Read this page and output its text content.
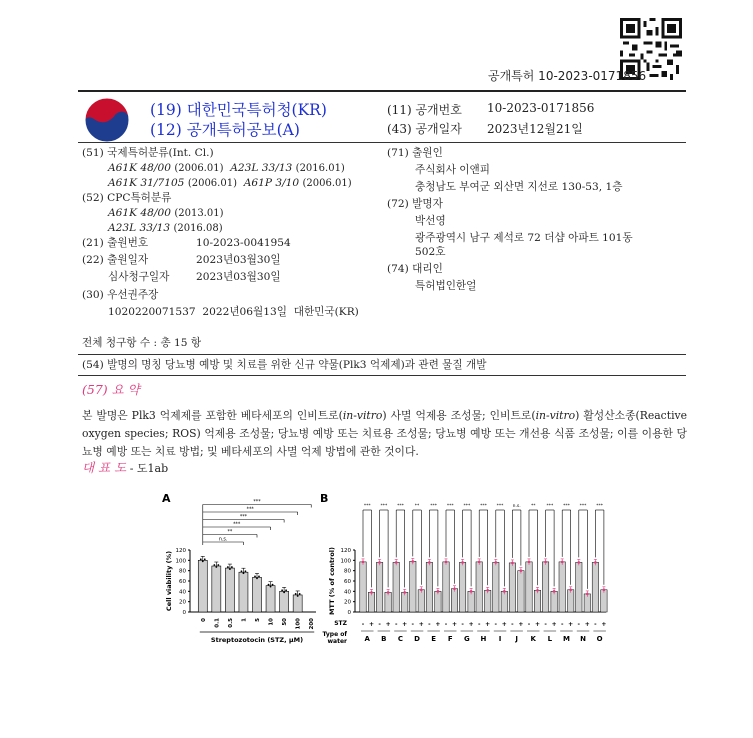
공개특허 10-2023-0171856
(19) 대한민국특허청(KR)
(12) 공개특허공보(A)
(11) 공개번호 10-2023-0171856
(43) 공개일자 2023년12월21일
(51) 국제특허분류(Int. Cl.)
A61K 48/00 (2006.01) A23L 33/13 (2016.01)
A61K 31/7105 (2006.01) A61P 3/10 (2006.01)
(52) CPC특허분류
A61K 48/00 (2013.01)
A23L 33/13 (2016.08)
(21) 출원번호	10-2023-0041954
(22) 출원일자	2023년03월30일
심사청구일자	2023년03월30일
(30) 우선권주장
1020220071537  2022년06월13일  대한민국(KR)
(71) 출원인
주식회사 이앤피
충청남도 부여군 외산면 지선로 130-53, 1층
(72) 발명자
박선영
광주광역시 남구 제석로 72 더샵 아파트 101동
502호
(74) 대리인
특허법인한얼
전체 청구항 수 : 총 15 항
(54) 발명의 명칭 당뇨병 예방 및 치료를 위한 신규 약물(Plk3 억제제)과 관련 물질 개발
(57) 요 약
본 발명은 Plk3 억제제를 포함한 베타세포의 인비트로(in-vitro) 사멸 억제용 조성물; 인비트로(in-vitro) 활성산소종(Reactive oxygen species; ROS) 억제용 조성물; 당뇨병 예방 또는 치료용 조성물; 당뇨병 예방 또는 개선용 식품 조성물; 이를 이용한 당뇨병 예방 또는 치료 방법; 및 베타세포의 사멸 억제 방법에 관한 것이다.
대 표 도 - 도1ab
A
0
20
40
60
80
100
120
Cell viability (%)
0 0.1 0.5 1 5 10 50 100 200
Streptozotocin (STZ, μM)
n.s.
**
***
***
***
***	B
0
20
40
60
80
100
120
MTT (% of control)
STZ
Type of
water
- +
***
A
- +
***
B
- +
***
C
- +
**
D
- +
***
E
- +
***
F
- +
***
G
- +
***
H
- +
***
I
- +
n.s.
J
- +
**
K
- +
***
L
- +
***
M
- +
***
N
- +
***
O
